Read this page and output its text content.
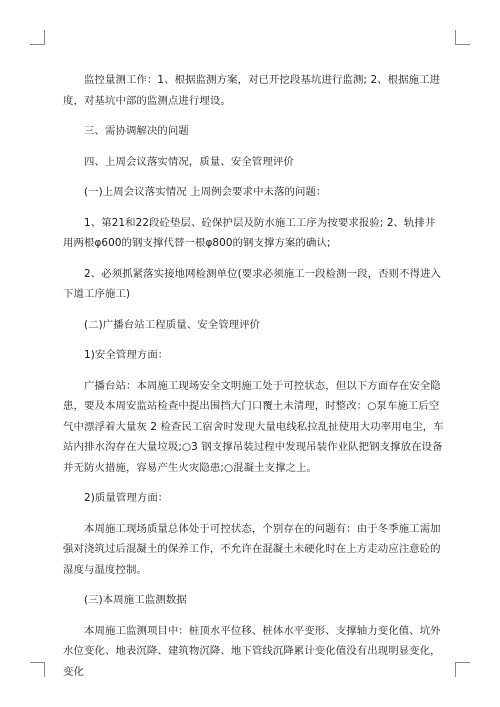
监控量测工作：1、根据监测方案，对已开挖段基坑进行监测; 2、根据施工进度，对基坑中部的监测点进行埋设。

三、需协调解决的问题

四、上周会议落实情况，质量、安全管理评价

(一)上周会议落实情况 上周例会要求中未落的问题：

1、第21和22段砼垫层、砼保护层及防水施工工序为按要求报验; 2、轨排井用两根φ600的钢支撑代替一根φ800的钢支撑方案的确认;

2、必须抓紧落实接地网检测单位(要求必须施工一段检测一段，否则不得进入下道工序施工)

(二)广播台站工程质量、安全管理评价

1)安全管理方面：

广播台站：本周施工现场安全文明施工处于可控状态，但以下方面存在安全隐患，要及本周安监站检查中提出围挡大门口覆土未清理，时整改：○泵车施工后空气中漂浮着大量灰 2 检查民工宿舍时发现大量电线私拉乱扯使用大功率用电尘，车站内排水沟存在大量垃圾;○3 钢支撑吊装过程中发现吊装作业队把钢支撑放在设备并无防火措施，容易产生火灾隐患;○混凝土支撑之上。

2)质量管理方面：

本周施工现场质量总体处于可控状态，个别存在的问题有：由于冬季施工需加强对浇筑过后混凝土的保养工作，不允许在混凝土未硬化时在上方走动应注意砼的湿度与温度控制。

(三)本周施工监测数据

本周施工监测项目中：桩顶水平位移、桩体水平变形、支撑轴力变化值、坑外水位变化、地表沉降、建筑物沉降、地下管线沉降累计变化值没有出现明显变化，变化
